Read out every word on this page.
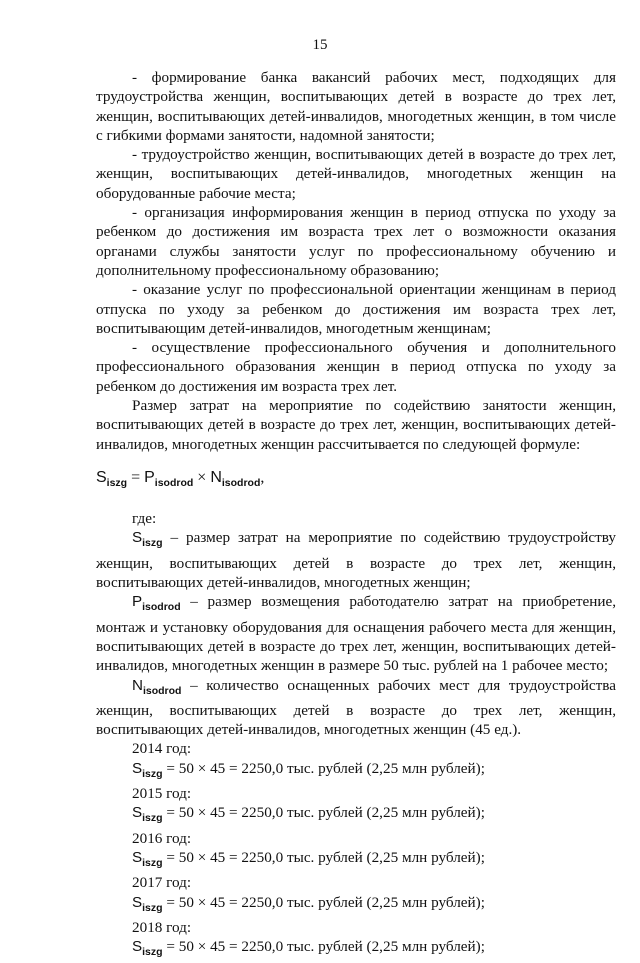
15

- формирование банка вакансий рабочих мест, подходящих для трудоустройства женщин, воспитывающих детей в возрасте до трех лет, женщин, воспитывающих детей-инвалидов, многодетных женщин, в том числе с гибкими формами занятости, надомной занятости;

- трудоустройство женщин, воспитывающих детей в возрасте до трех лет, женщин, воспитывающих детей-инвалидов, многодетных женщин на оборудованные рабочие места;

- организация информирования женщин в период отпуска по уходу за ребенком до достижения им возраста трех лет о возможности оказания органами службы занятости услуг по профессиональному обучению и дополнительному профессиональному образованию;

- оказание услуг по профессиональной ориентации женщинам в период отпуска по уходу за ребенком до достижения им возраста трех лет, воспитывающим детей-инвалидов, многодетным женщинам;

- осуществление профессионального обучения и дополнительного профессионального образования женщин в период отпуска по уходу за ребенком до достижения им возраста трех лет.

Размер затрат на мероприятие по содействию занятости женщин, воспитывающих детей в возрасте до трех лет, женщин, воспитывающих детей-инвалидов, многодетных женщин рассчитывается по следующей формуле:

$S_{iszg} = P_{isodrod} \times N_{isodrod}$,

где:

$S_{iszg}$ – размер затрат на мероприятие по содействию трудоустройству женщин, воспитывающих детей в возрасте до трех лет, женщин, воспитывающих детей-инвалидов, многодетных женщин;

$P_{isodrod}$ – размер возмещения работодателю затрат на приобретение, монтаж и установку оборудования для оснащения рабочего места для женщин, воспитывающих детей в возрасте до трех лет, женщин, воспитывающих детей-инвалидов, многодетных женщин в размере 50 тыс. рублей на 1 рабочее место;

$N_{isodrod}$ – количество оснащенных рабочих мест для трудоустройства женщин, воспитывающих детей в возрасте до трех лет, женщин, воспитывающих детей-инвалидов, многодетных женщин (45 ед.).

2014 год:

$S_{iszg} = 50 \times 45 = 2250,0$ тыс. рублей (2,25 млн рублей);

2015 год:

$S_{iszg} = 50 \times 45 = 2250,0$ тыс. рублей (2,25 млн рублей);

2016 год:

$S_{iszg} = 50 \times 45 = 2250,0$ тыс. рублей (2,25 млн рублей);

2017 год:

$S_{iszg} = 50 \times 45 = 2250,0$ тыс. рублей (2,25 млн рублей);

2018 год:

$S_{iszg} = 50 \times 45 = 2250,0$ тыс. рублей (2,25 млн рублей);
